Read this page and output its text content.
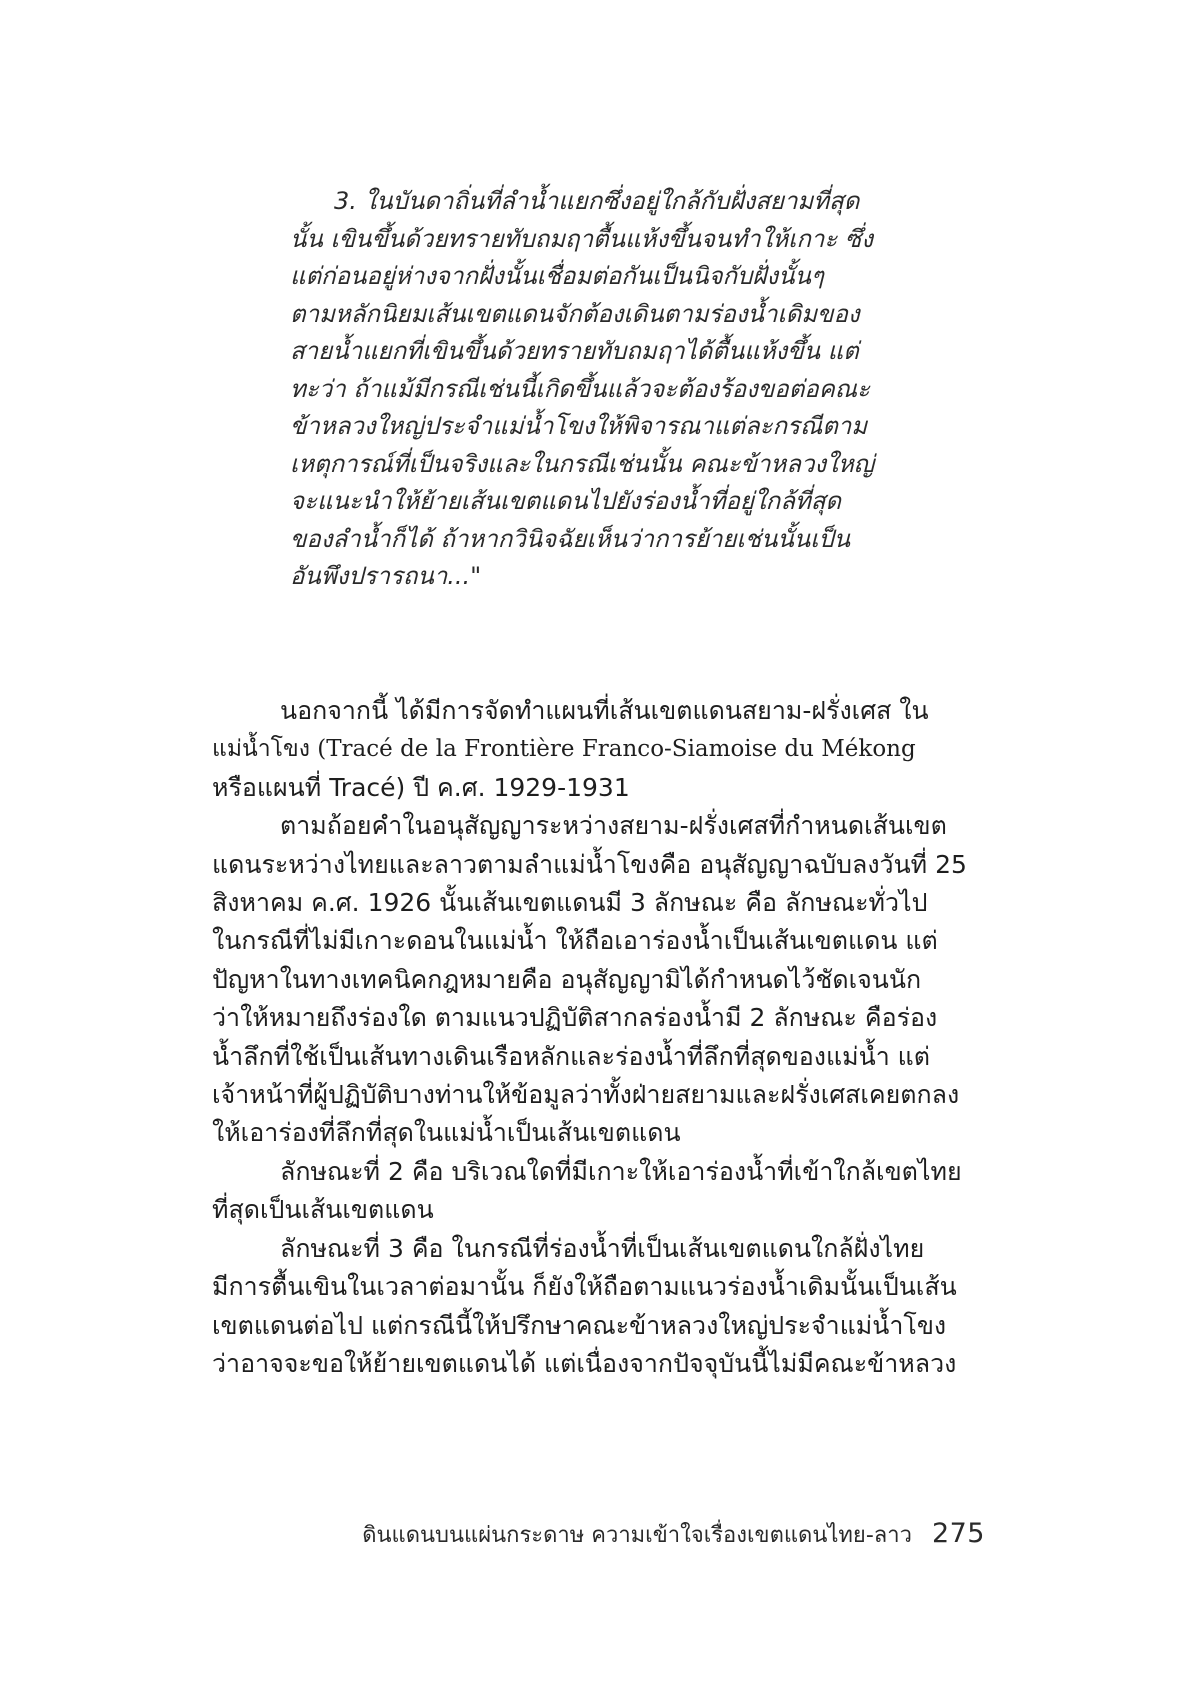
3. ในบันดาถิ่นที่ลำน้ำแยกซึ่งอยู่ใกล้กับฝั่งสยามที่สุด
นั้น เขินขึ้นด้วยทรายทับถมฤาตื้นแห้งขึ้นจนทำให้เกาะ ซึ่ง
แต่ก่อนอยู่ห่างจากฝั่งนั้นเชื่อมต่อกันเป็นนิจกับฝั่งนั้นๆ
ตามหลักนิยมเส้นเขตแดนจักต้องเดินตามร่องน้ำเดิมของ
สายน้ำแยกที่เขินขึ้นด้วยทรายทับถมฤาได้ตื้นแห้งขึ้น แต่
ทะว่า ถ้าแม้มีกรณีเช่นนี้เกิดขึ้นแล้วจะต้องร้องขอต่อคณะ
ข้าหลวงใหญ่ประจำแม่น้ำโขงให้พิจารณาแต่ละกรณีตาม
เหตุการณ์ที่เป็นจริงและในกรณีเช่นนั้น คณะข้าหลวงใหญ่
จะแนะนำให้ย้ายเส้นเขตแดนไปยังร่องน้ำที่อยู่ใกล้ที่สุด
ของลำน้ำก็ได้ ถ้าหากวินิจฉัยเห็นว่าการย้ายเช่นนั้นเป็น
อันพึงปรารถนา..."
นอกจากนี้ ได้มีการจัดทำแผนที่เส้นเขตแดนสยาม-ฝรั่งเศส ใน
แม่น้ำโขง (Tracé de la Frontière Franco-Siamoise du Mékong
หรือแผนที่ Tracé) ปี ค.ศ. 1929-1931
ตามถ้อยคำในอนุสัญญาระหว่างสยาม-ฝรั่งเศสที่กำหนดเส้นเขต
แดนระหว่างไทยและลาวตามลำแม่น้ำโขงคือ อนุสัญญาฉบับลงวันที่ 25
สิงหาคม ค.ศ. 1926 นั้นเส้นเขตแดนมี 3 ลักษณะ คือ ลักษณะทั่วไป
ในกรณีที่ไม่มีเกาะดอนในแม่น้ำ ให้ถือเอาร่องน้ำเป็นเส้นเขตแดน แต่
ปัญหาในทางเทคนิคกฎหมายคือ อนุสัญญามิได้กำหนดไว้ชัดเจนนัก
ว่าให้หมายถึงร่องใด ตามแนวปฏิบัติสากลร่องน้ำมี 2 ลักษณะ คือร่อง
น้ำลึกที่ใช้เป็นเส้นทางเดินเรือหลักและร่องน้ำที่ลึกที่สุดของแม่น้ำ แต่
เจ้าหน้าที่ผู้ปฏิบัติบางท่านให้ข้อมูลว่าทั้งฝ่ายสยามและฝรั่งเศสเคยตกลง
ให้เอาร่องที่ลึกที่สุดในแม่น้ำเป็นเส้นเขตแดน
ลักษณะที่ 2 คือ บริเวณใดที่มีเกาะให้เอาร่องน้ำที่เข้าใกล้เขตไทย
ที่สุดเป็นเส้นเขตแดน
ลักษณะที่ 3 คือ ในกรณีที่ร่องน้ำที่เป็นเส้นเขตแดนใกล้ฝั่งไทย
มีการตื้นเขินในเวลาต่อมานั้น ก็ยังให้ถือตามแนวร่องน้ำเดิมนั้นเป็นเส้น
เขตแดนต่อไป แต่กรณีนี้ให้ปรึกษาคณะข้าหลวงใหญ่ประจำแม่น้ำโขง
ว่าอาจจะขอให้ย้ายเขตแดนได้ แต่เนื่องจากปัจจุบันนี้ไม่มีคณะข้าหลวง
ดินแดนบนแผ่นกระดาษ ความเข้าใจเรื่องเขตแดนไทย-ลาว 275
